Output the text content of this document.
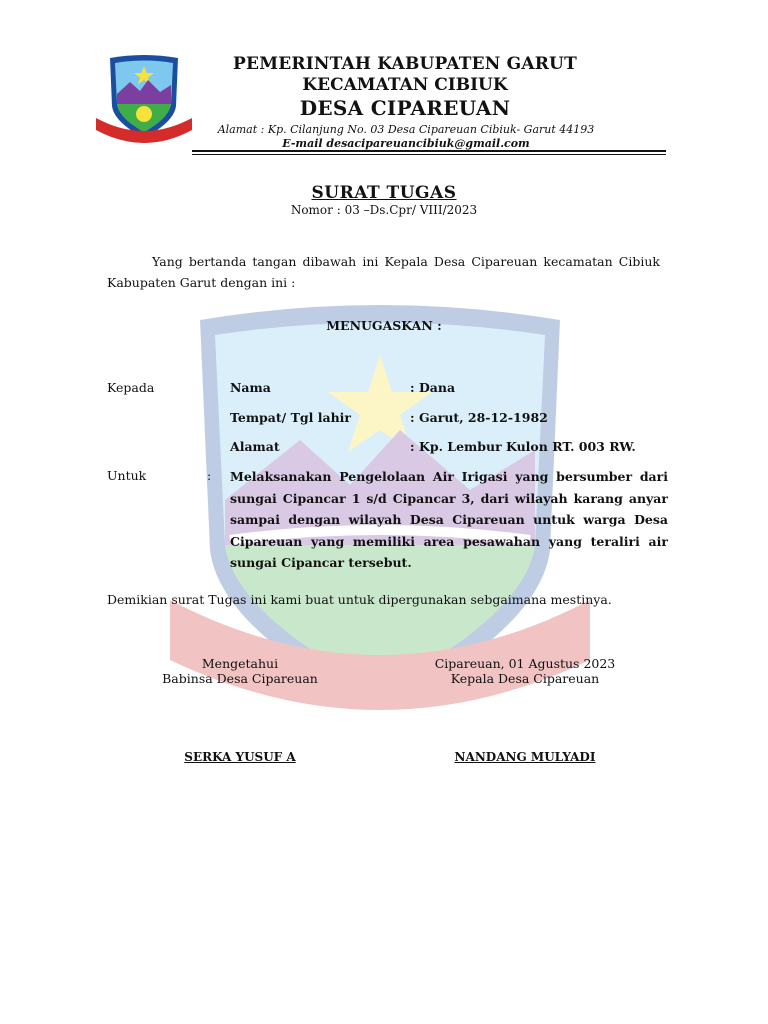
PEMERINTAH KABUPATEN GARUT
KECAMATAN CIBIUK
DESA CIPAREUAN
Alamat : Kp. Cilanjung No. 03 Desa Cipareuan Cibiuk- Garut 44193
E-mail desacipareuancibiuk@gmail.com
SURAT TUGAS
Nomor : 03 –Ds.Cpr/ VIII/2023
Yang bertanda tangan dibawah ini Kepala Desa Cipareuan kecamatan Cibiuk Kabupaten Garut dengan ini :
MENUGASKAN :
Kepada	Nama	: Dana
Tempat/ Tgl lahir	: Garut, 28-12-1982
Alamat	: Kp. Lembur Kulon RT. 003 RW.
Untuk	: Melaksanakan Pengelolaan Air Irigasi yang bersumber dari sungai Cipancar 1 s/d Cipancar 3, dari wilayah karang anyar sampai dengan wilayah Desa Cipareuan untuk warga Desa Cipareuan yang memiliki area pesawahan yang teraliri air sungai Cipancar tersebut.
Demikian surat Tugas ini kami buat untuk dipergunakan sebgaimana mestinya.
Mengetahui
Babinsa Desa Cipareuan
Cipareuan, 01 Agustus 2023
Kepala Desa Cipareuan
SERKA YUSUF A	NANDANG MULYADI
